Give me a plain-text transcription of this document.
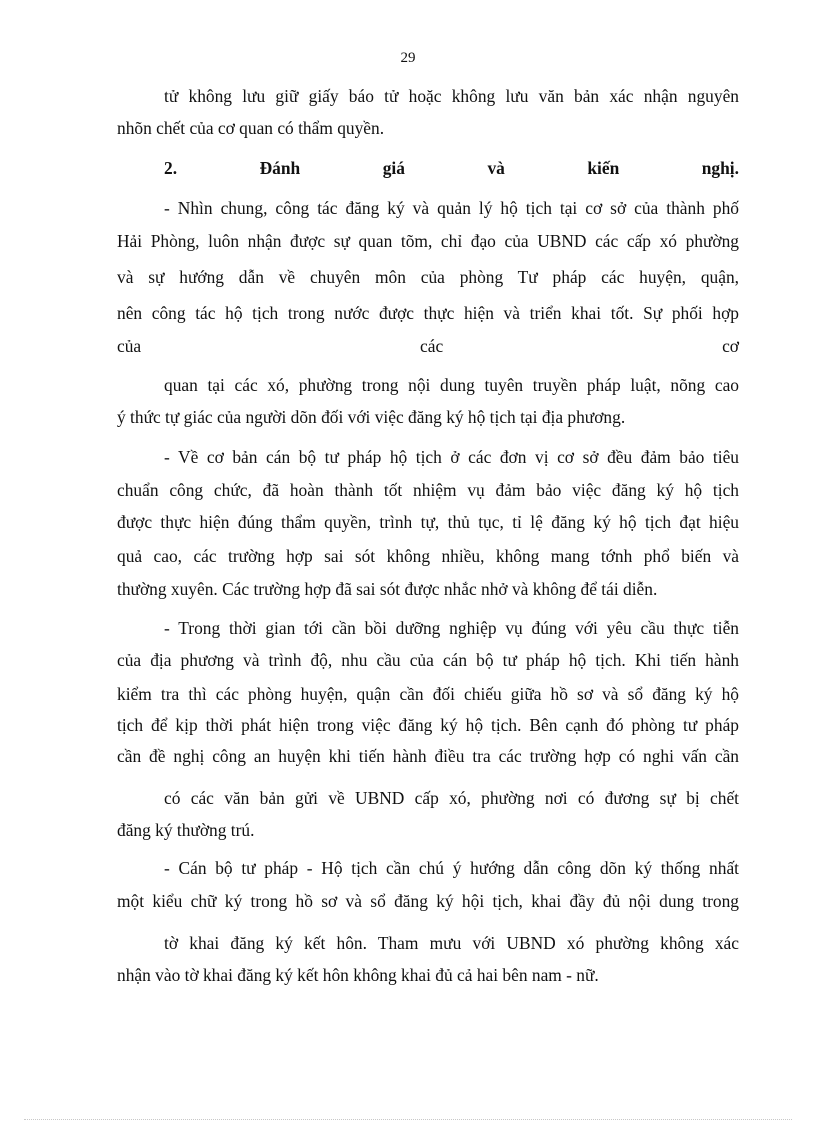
29
tử không lưu giữ giấy báo tử hoặc không lưu văn bản xác nhận nguyên
nhõn chết của cơ quan có thẩm quyền.
2.	Đánh	giá	và	kiến	nghị.
- Nhìn chung, công tác đăng ký và quản lý hộ tịch tại cơ sở của thành phố
Hải Phòng, luôn nhận được sự quan tõm, chỉ đạo của UBND các cấp xó phường
và sự hướng dẫn về chuyên môn của phòng Tư pháp các huyện, quận,
nên công tác hộ tịch trong nước được thực hiện và triển khai tốt. Sự phối hợp
của	các	cơ
quan tại các xó, phường trong nội dung tuyên truyền pháp luật, nõng cao
ý thức tự giác của người dõn đối với việc đăng ký hộ tịch tại địa phương.
- Về cơ bản cán bộ tư pháp hộ tịch ở các đơn vị cơ sở đều đảm bảo tiêu
chuẩn công chức, đã hoàn thành tốt nhiệm vụ đảm bảo việc đăng ký hộ tịch
được thực hiện đúng thẩm quyền, trình tự, thủ tục, tỉ lệ đăng ký hộ tịch đạt hiệu
quả cao, các trường hợp sai sót không nhiều, không mang tớnh phổ biến và
thường xuyên. Các trường hợp đã sai sót được nhắc nhở và không để tái diễn.
- Trong thời gian tới cần bồi dưỡng nghiệp vụ đúng với yêu cầu thực tiễn
của địa phương và trình độ, nhu cầu của cán bộ tư pháp hộ tịch. Khi tiến hành
kiểm tra thì các phòng huyện, quận cần đối chiếu giữa hồ sơ và sổ đăng ký hộ
tịch để kịp thời phát hiện trong việc đăng ký hộ tịch. Bên cạnh đó phòng tư pháp
cần đề nghị công an huyện khi tiến hành điều tra các trường hợp có nghi vấn cần
có các văn bản gửi về UBND cấp xó, phường nơi có đương sự bị chết
đăng ký thường trú.
- Cán bộ tư pháp - Hộ tịch cần chú ý hướng dẫn công dõn ký thống nhất
một kiểu chữ ký trong hồ sơ và sổ đăng ký hội tịch, khai đầy đủ nội dung trong
tờ khai đăng ký kết hôn. Tham mưu với UBND xó phường không xác
nhận vào tờ khai đăng ký kết hôn không khai đủ cả hai bên nam - nữ.
